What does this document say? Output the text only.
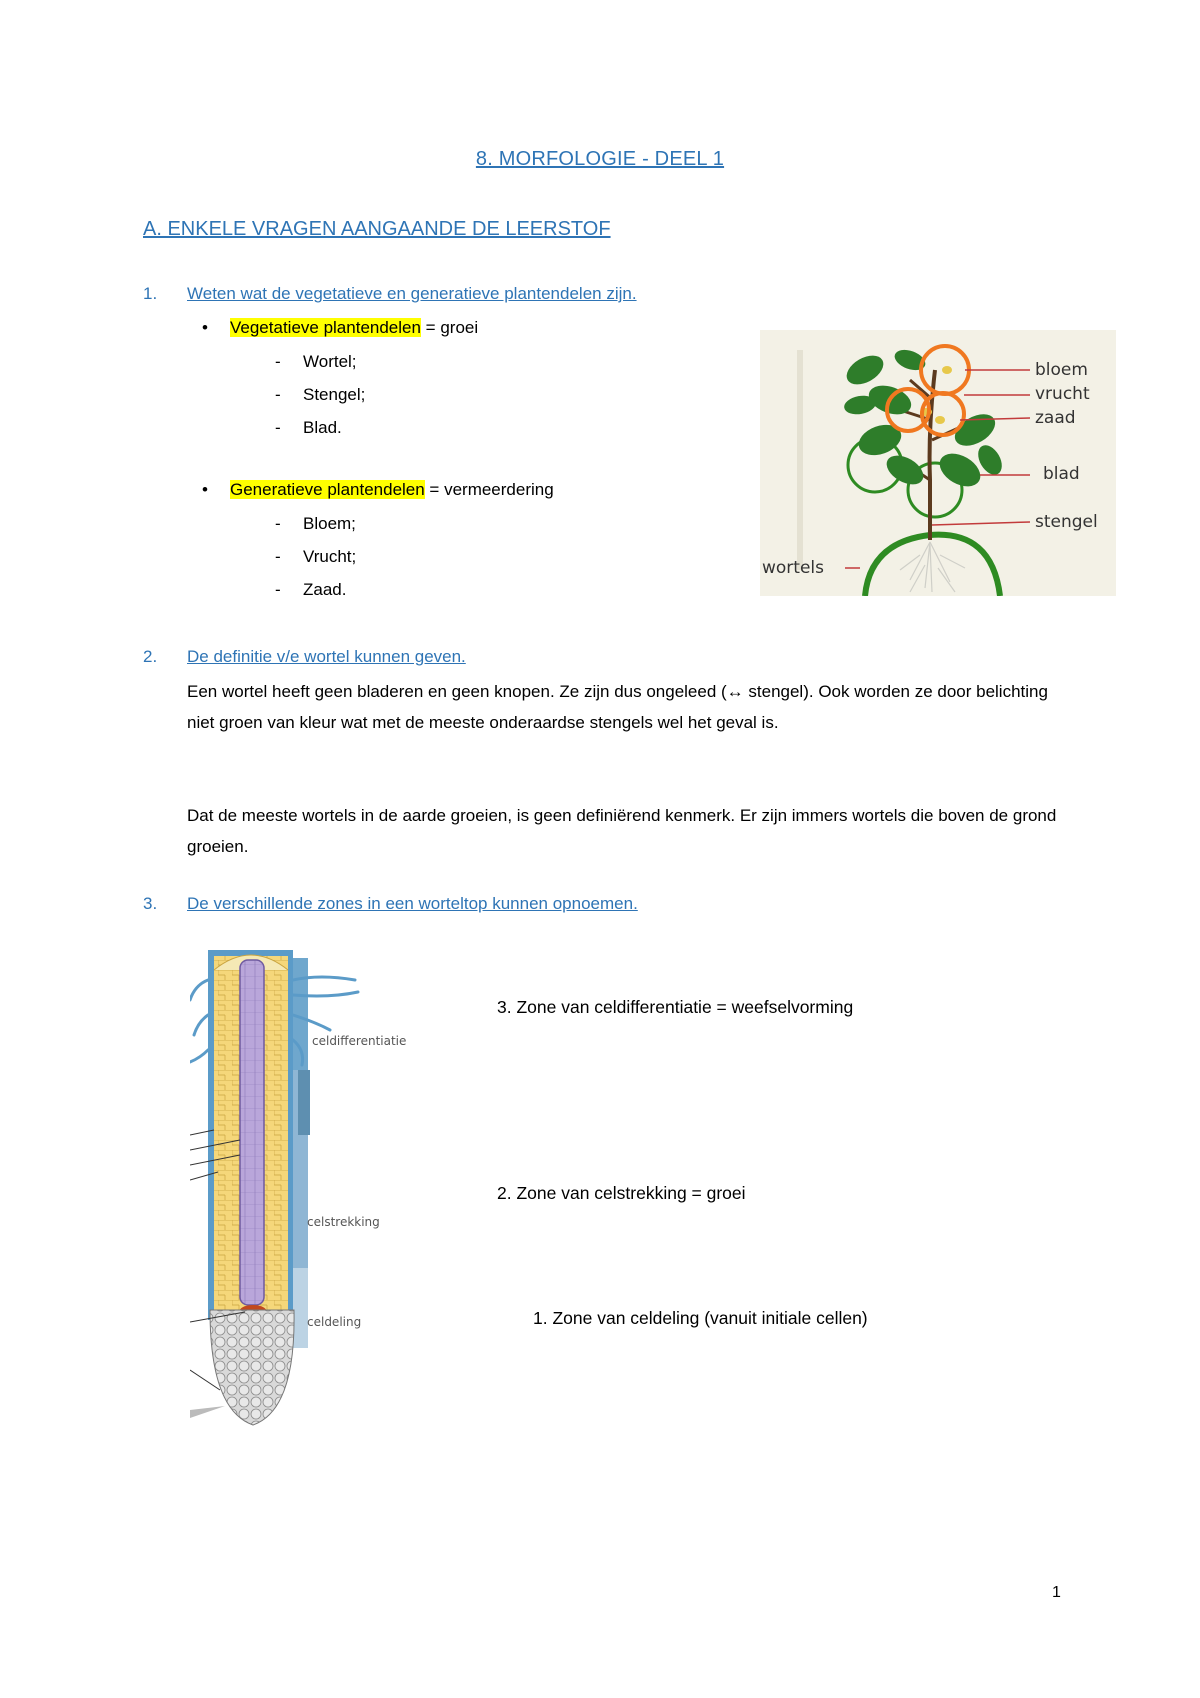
8. MORFOLOGIE - DEEL 1
A. ENKELE VRAGEN AANGAANDE DE LEERSTOF
1. Weten wat de vegetatieve en generatieve plantendelen zijn.
• Vegetatieve plantendelen = groei
- Wortel;
- Stengel;
- Blad.
• Generatieve plantendelen = vermeerdering
- Bloem;
- Vrucht;
- Zaad.
bloem
vrucht
zaad
blad
stengel
wortels
2. De definitie v/e wortel kunnen geven.
Een wortel heeft geen bladeren en geen knopen. Ze zijn dus ongeleed (↔ stengel). Ook worden ze door belichting niet groen van kleur wat met de meeste onderaardse stengels wel het geval is.
Dat de meeste wortels in de aarde groeien, is geen definiërend kenmerk. Er zijn immers wortels die boven de grond groeien.
3. De verschillende zones in een worteltop kunnen opnoemen.
celdifferentiatie
celstrekking
celdeling
3. Zone van celdifferentiatie = weefselvorming
2. Zone van celstrekking = groei
1. Zone van celdeling (vanuit initiale cellen)
1
